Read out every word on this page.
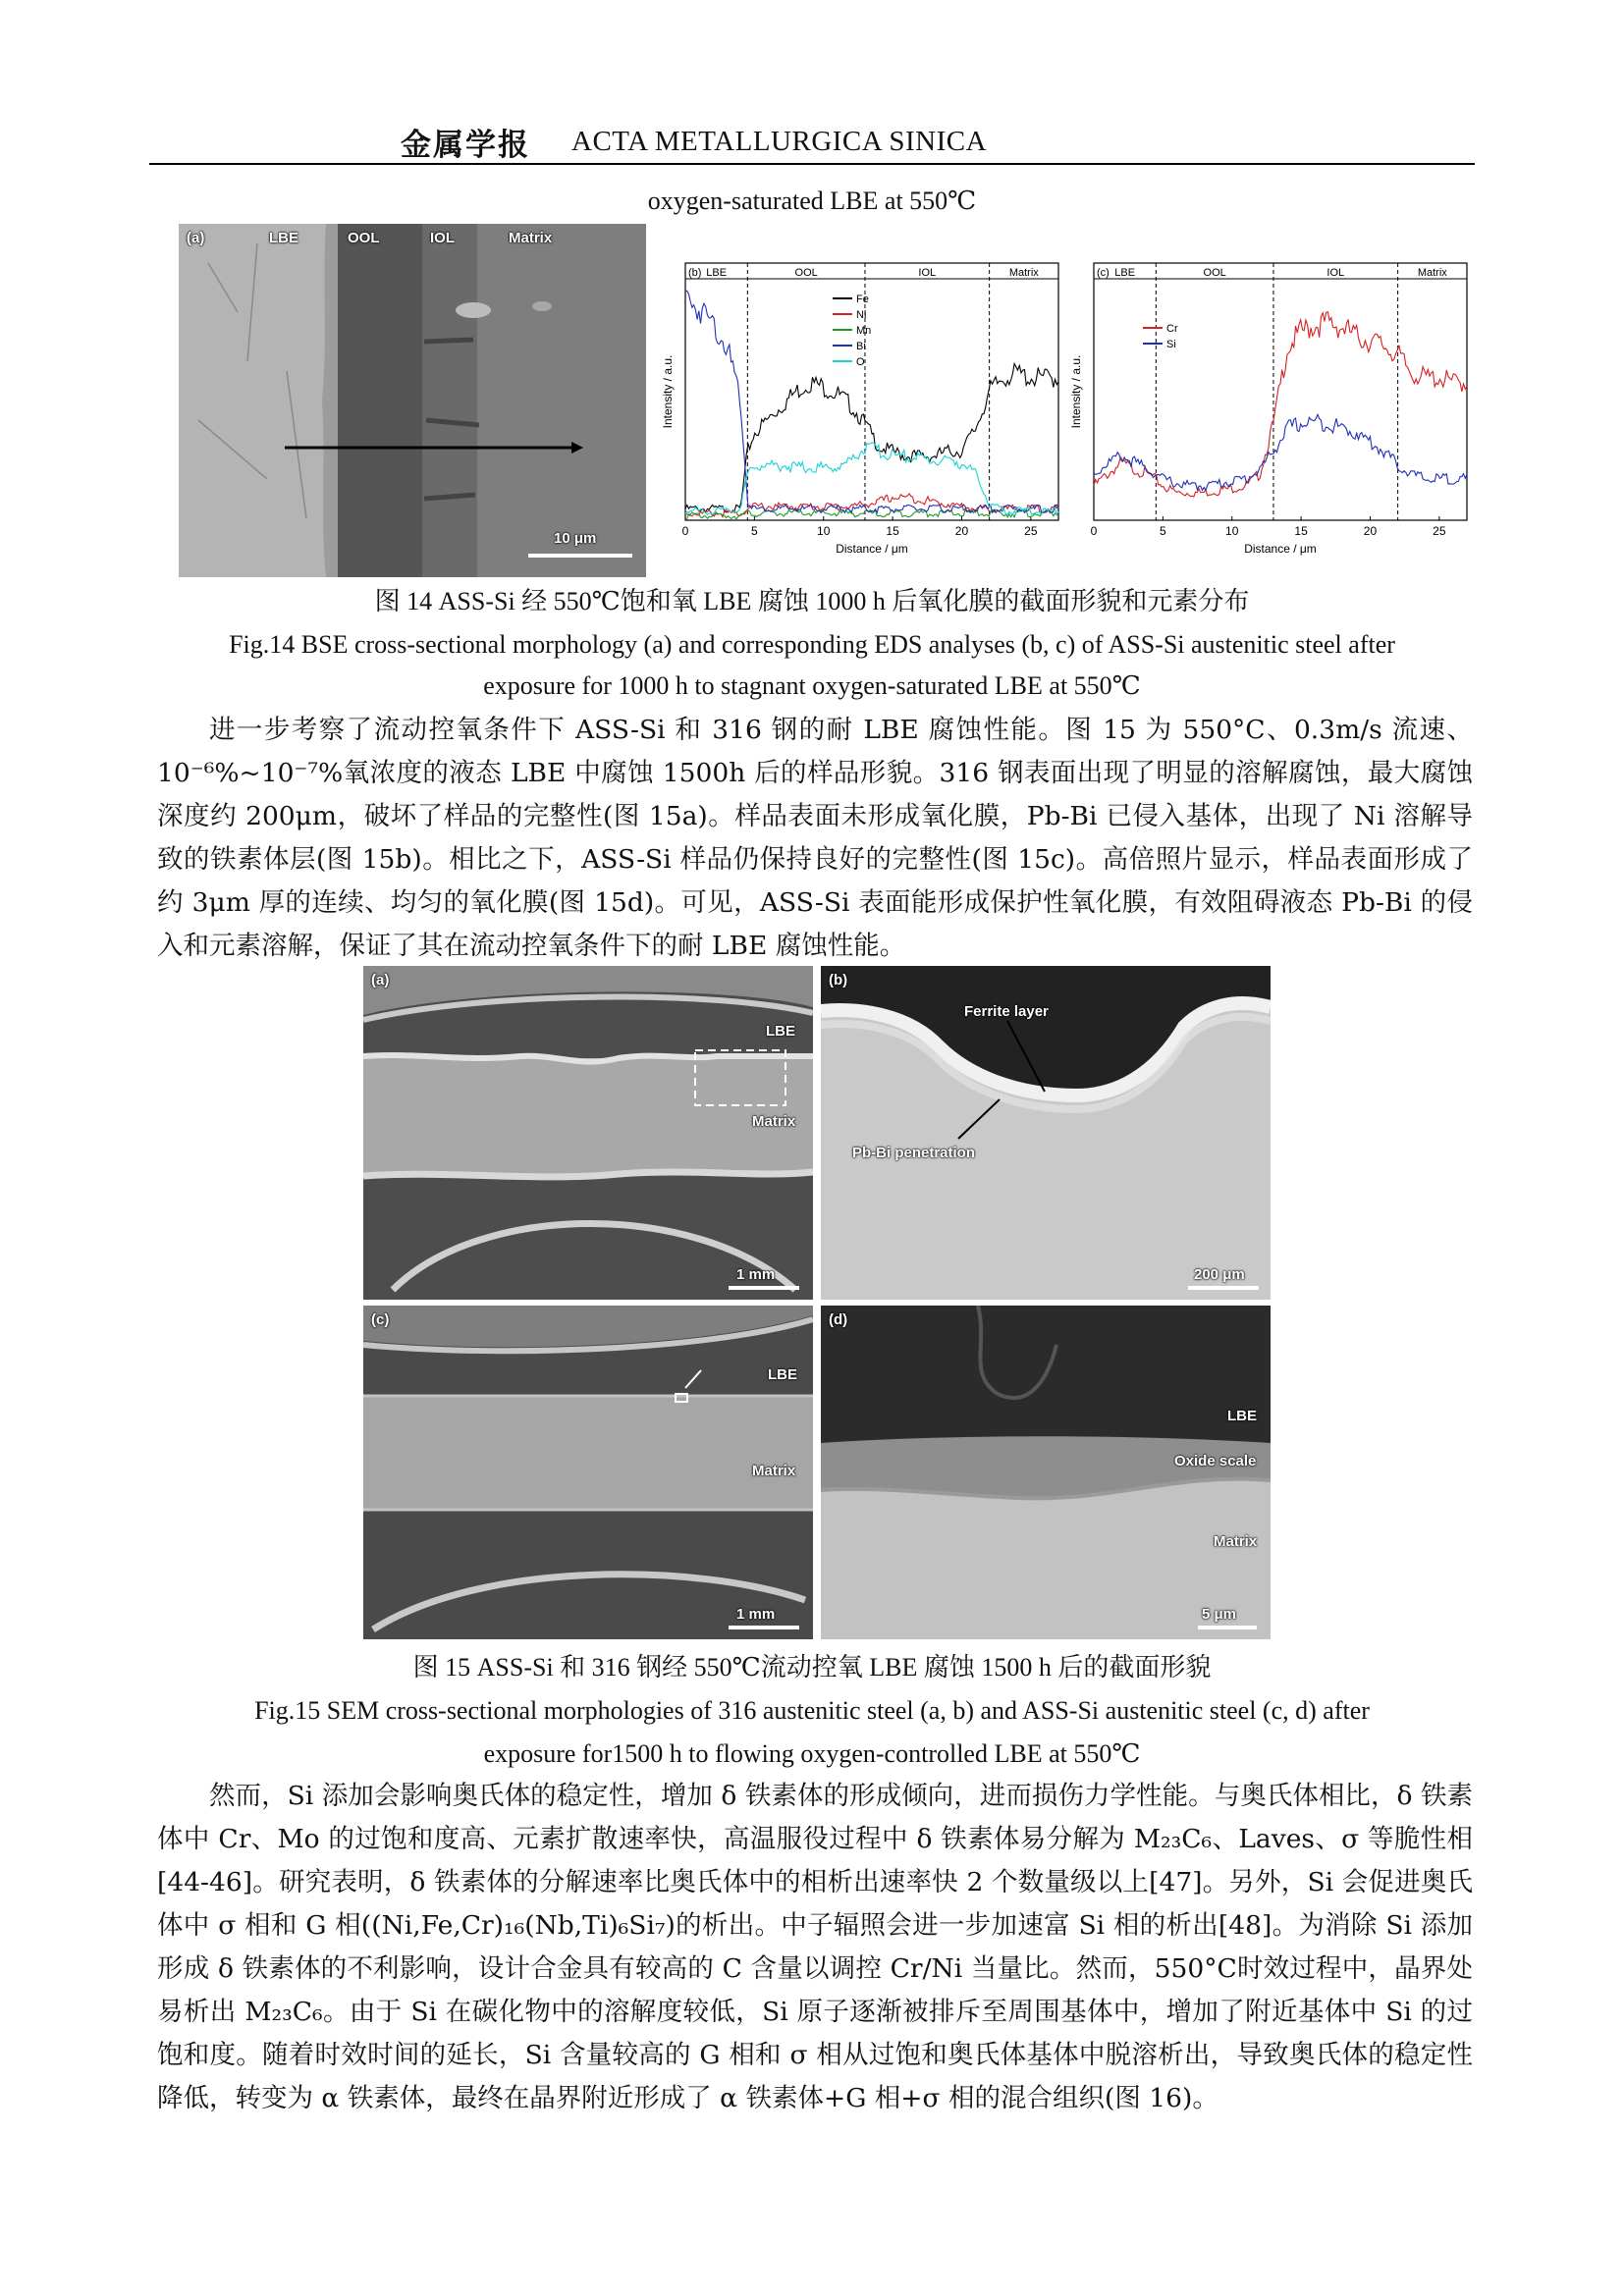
金属学报 ACTA METALLURGICA SINICA
oxygen-saturated LBE at 550℃
(a)	LBE	OOL	IOL	Matrix
10 μm
LBE	OOL	IOL	Matrix
(b)
0	5	10	15	20	25
Distance / μm
Intensity / a.u.
Fe
Ni
Mn
Bi
O
LBE	OOL	IOL	Matrix
(c)
0	5	10	15	20	25
Distance / μm
Intensity / a.u.
Cr
Si
图 14 ASS-Si 经 550℃饱和氧 LBE 腐蚀 1000 h 后氧化膜的截面形貌和元素分布
Fig.14 BSE cross-sectional morphology (a) and corresponding EDS analyses (b, c) of ASS-Si austenitic steel after
exposure for 1000 h to stagnant oxygen-saturated LBE at 550℃

进一步考察了流动控氧条件下 ASS-Si 和 316 钢的耐 LBE 腐蚀性能。图 15 为 550°C、0.3m/s 流速、10⁻⁶%~10⁻⁷%氧浓度的液态 LBE 中腐蚀 1500h 后的样品形貌。316 钢表面出现了明显的溶解腐蚀，最大腐蚀深度约 200μm，破坏了样品的完整性(图 15a)。样品表面未形成氧化膜，Pb-Bi 已侵入基体，出现了 Ni 溶解导致的铁素体层(图 15b)。相比之下，ASS-Si 样品仍保持良好的完整性(图 15c)。高倍照片显示，样品表面形成了约 3μm 厚的连续、均匀的氧化膜(图 15d)。可见，ASS-Si 表面能形成保护性氧化膜，有效阻碍液态 Pb-Bi 的侵入和元素溶解，保证了其在流动控氧条件下的耐 LBE 腐蚀性能。

(a)
LBE
Matrix
1 mm
(b)
Ferrite layer
Pb-Bi penetration
200 μm
(c)
LBE
Matrix
1 mm
(d)
LBE
Oxide scale
Matrix
5 μm
图 15 ASS-Si 和 316 钢经 550℃流动控氧 LBE 腐蚀 1500 h 后的截面形貌
Fig.15 SEM cross-sectional morphologies of 316 austenitic steel (a, b) and ASS-Si austenitic steel (c, d) after
exposure for1500 h to flowing oxygen-controlled LBE at 550℃

然而，Si 添加会影响奥氏体的稳定性，增加 δ 铁素体的形成倾向，进而损伤力学性能。与奥氏体相比，δ 铁素体中 Cr、Mo 的过饱和度高、元素扩散速率快，高温服役过程中 δ 铁素体易分解为 M₂₃C₆、Laves、σ 等脆性相[44-46]。研究表明，δ 铁素体的分解速率比奥氏体中的相析出速率快 2 个数量级以上[47]。另外，Si 会促进奥氏体中 σ 相和 G 相((Ni,Fe,Cr)₁₆(Nb,Ti)₆Si₇)的析出。中子辐照会进一步加速富 Si 相的析出[48]。为消除 Si 添加形成 δ 铁素体的不利影响，设计合金具有较高的 C 含量以调控 Cr/Ni 当量比。然而，550°C时效过程中，晶界处易析出 M₂₃C₆。由于 Si 在碳化物中的溶解度较低，Si 原子逐渐被排斥至周围基体中，增加了附近基体中 Si 的过饱和度。随着时效时间的延长，Si 含量较高的 G 相和 σ 相从过饱和奥氏体基体中脱溶析出，导致奥氏体的稳定性降低，转变为 α 铁素体，最终在晶界附近形成了 α 铁素体+G 相+σ 相的混合组织(图 16)。
